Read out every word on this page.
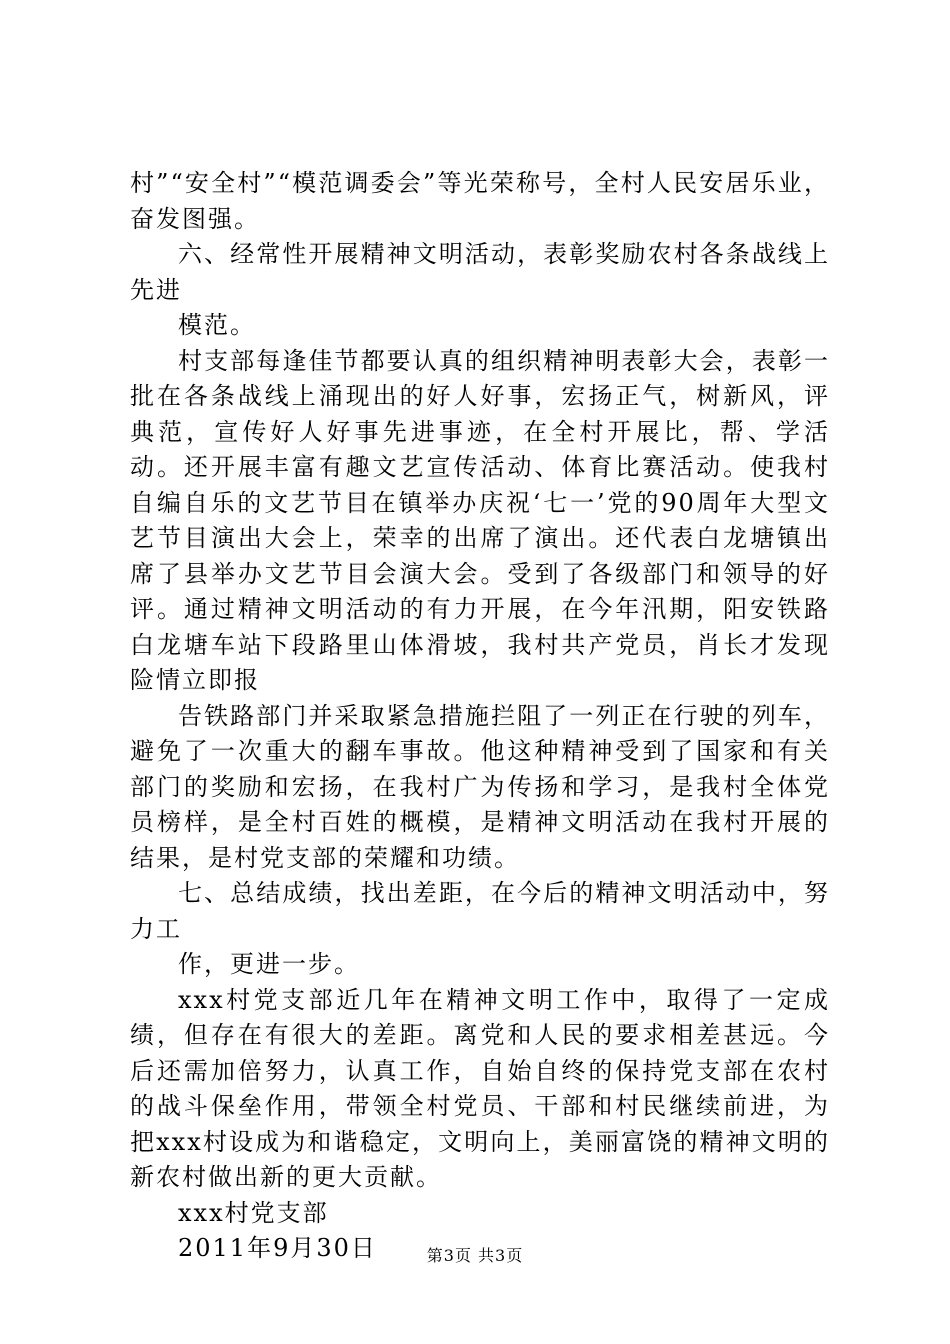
村”“安全村”“模范调委会”等光荣称号，全村人民安居乐业，奋发图强。

六、经常性开展精神文明活动，表彰奖励农村各条战线上先进

模范。

村支部每逢佳节都要认真的组织精神明表彰大会，表彰一批在各条战线上涌现出的好人好事，宏扬正气，树新风，评典范，宣传好人好事先进事迹，在全村开展比，帮、学活动。还开展丰富有趣文艺宣传活动、体育比赛活动。使我村自编自乐的文艺节目在镇举办庆祝‘七一’党的90周年大型文艺节目演出大会上，荣幸的出席了演出。还代表白龙塘镇出席了县举办文艺节目会演大会。受到了各级部门和领导的好评。通过精神文明活动的有力开展，在今年汛期，阳安铁路白龙塘车站下段路里山体滑坡，我村共产党员，肖长才发现险情立即报

告铁路部门并采取紧急措施拦阻了一列正在行驶的列车，避免了一次重大的翻车事故。他这种精神受到了国家和有关部门的奖励和宏扬，在我村广为传扬和学习，是我村全体党员榜样，是全村百姓的概模，是精神文明活动在我村开展的结果，是村党支部的荣耀和功绩。

七、总结成绩，找出差距，在今后的精神文明活动中，努力工

作，更进一步。

xxx村党支部近几年在精神文明工作中，取得了一定成绩，但存在有很大的差距。离党和人民的要求相差甚远。今后还需加倍努力，认真工作，自始自终的保持党支部在农村的战斗保垒作用，带领全村党员、干部和村民继续前进，为把xxx村设成为和谐稳定，文明向上，美丽富饶的精神文明的新农村做出新的更大贡献。

xxx村党支部

2011年9月30日	第3页 共3页
